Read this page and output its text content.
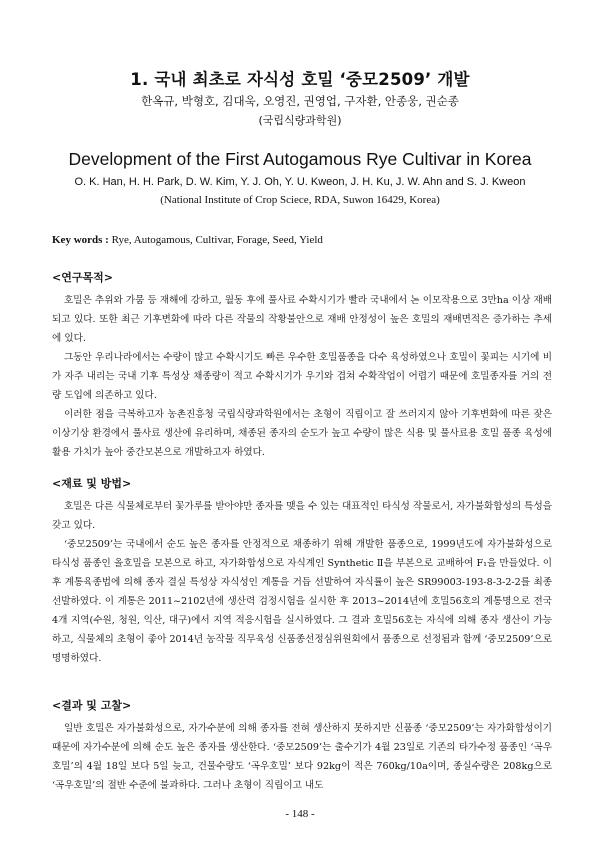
1. 국내 최초로 자식성 호밀 ‘중모2509’ 개발
한옥규, 박형호, 김대욱, 오영진, 권영업, 구자환, 안종웅, 권순종
(국립식량과학원)
Development of the First Autogamous Rye Cultivar in Korea
O. K. Han, H. H. Park, D. W. Kim, Y. J. Oh, Y. U. Kweon, J. H. Ku, J. W. Ahn and S. J. Kweon
(National Institute of Crop Sciece, RDA, Suwon 16429, Korea)
Key words : Rye, Autogamous, Cultivar, Forage, Seed, Yield
<연구목적>

호밀은 추위와 가뭄 등 재해에 강하고, 월동 후에 풀사료 수확시기가 빨라 국내에서 논 이모작용으로 3만ha 이상 재배되고 있다. 또한 최근 기후변화에 따라 다른 작물의 작황불안으로 재배 안정성이 높은 호밀의 재배면적은 증가하는 추세에 있다.

그동안 우리나라에서는 수량이 많고 수확시기도 빠른 우수한 호밀품종을 다수 육성하였으나 호밀이 꽃피는 시기에 비가 자주 내리는 국내 기후 특성상 채종량이 적고 수확시기가 우기와 겹쳐 수확작업이 어렵기 때문에 호밀종자를 거의 전량 도입에 의존하고 있다.

이러한 점을 극복하고자 농촌진흥청 국립식량과학원에서는 초형이 직립이고 잘 쓰러지지 않아 기후변화에 따른 잦은 이상기상 환경에서 풀사료 생산에 유리하며, 채종된 종자의 순도가 높고 수량이 많은 식용 및 풀사료용 호밀 품종 육성에 활용 가치가 높아 중간모본으로 개발하고자 하였다.

<재료 및 방법>

호밀은 다른 식물체로부터 꽃가루를 받아야만 종자를 맺을 수 있는 대표적인 타식성 작물로서, 자가불화합성의 특성을 갖고 있다.

‘중모2509’는 국내에서 순도 높은 종자를 안정적으로 채종하기 위해 개발한 품종으로, 1999년도에 자가불화성으로 타식성 품종인 올호밀을 모본으로 하고, 자가화합성으로 자식계인 Synthetic Ⅱ을 부본으로 교배하여 F₁을 만들었다. 이후 계통육종법에 의해 종자 결실 특성상 자식성인 계통을 거듭 선발하여 자식률이 높은 SR99003-193-8-3-2-2를 최종 선발하였다. 이 계통은 2011~2102년에 생산력 검정시험을 실시한 후 2013~2014년에 호밀56호의 계통명으로 전국 4개 지역(수원, 청원, 익산, 대구)에서 지역 적응시험을 실시하였다. 그 결과 호밀56호는 자식에 의해 종자 생산이 가능하고, 식물체의 초형이 좋아 2014년 농작물 직무육성 신품종선정심위원회에서 품종으로 선정됨과 함께 ‘중모2509’으로 명명하였다.

<결과 및 고찰>

일반 호밀은 자가불화성으로, 자가수분에 의해 종자를 전혀 생산하지 못하지만 신품종 ‘중모2509’는 자가화합성이기 때문에 자가수분에 의해 순도 높은 종자를 생산한다. ‘중모2509’는 출수기가 4월 23일로 기존의 타가수정 품종인 ‘곡우호밀’의 4월 18일 보다 5일 늦고, 건물수량도 ‘곡우호밀’ 보다 92kg이 적은 760kg/10a이며, 종실수량은 208kg으로 ‘곡우호밀’의 절반 수준에 불과하다. 그러나 초형이 직립이고 내도

- 148 -
